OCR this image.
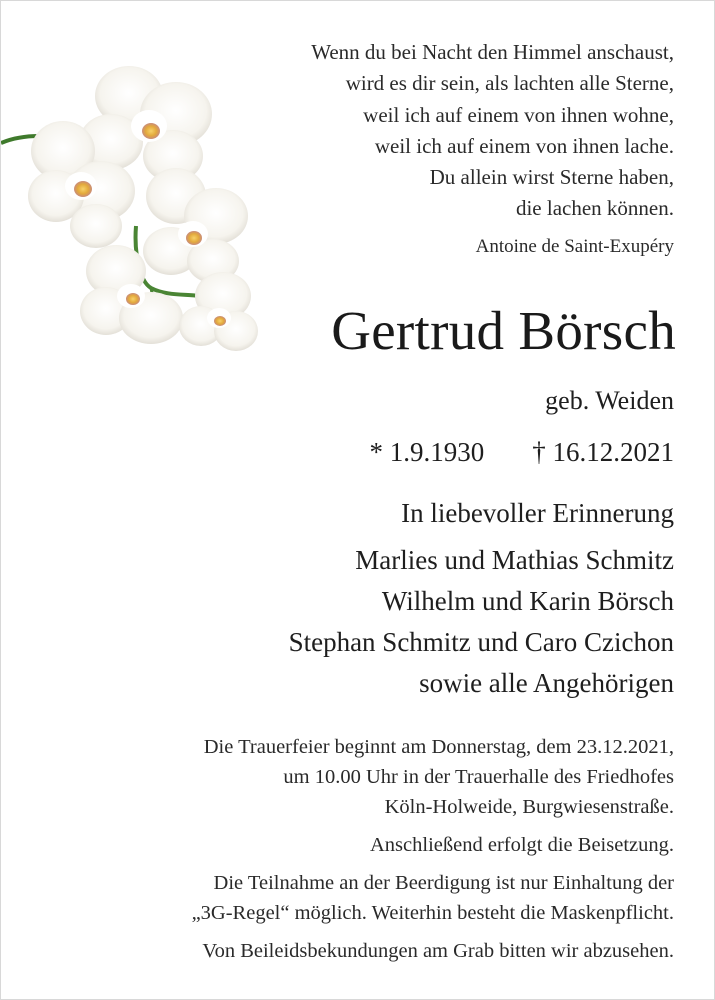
Wenn du bei Nacht den Himmel anschaust,
wird es dir sein, als lachten alle Sterne,
weil ich auf einem von ihnen wohne,
weil ich auf einem von ihnen lache.
Du allein wirst Sterne haben,
die lachen können.
Antoine de Saint-Exupéry
Gertrud Börsch
geb. Weiden
* 1.9.1930 † 16.12.2021
In liebevoller Erinnerung
Marlies und Mathias Schmitz
Wilhelm und Karin Börsch
Stephan Schmitz und Caro Czichon
sowie alle Angehörigen
Die Trauerfeier beginnt am Donnerstag, dem 23.12.2021,
um 10.00 Uhr in der Trauerhalle des Friedhofes
Köln-Holweide, Burgwiesenstraße.
Anschließend erfolgt die Beisetzung.
Die Teilnahme an der Beerdigung ist nur Einhaltung der
„3G-Regel“ möglich. Weiterhin besteht die Maskenpflicht.
Von Beileidsbekundungen am Grab bitten wir abzusehen.
